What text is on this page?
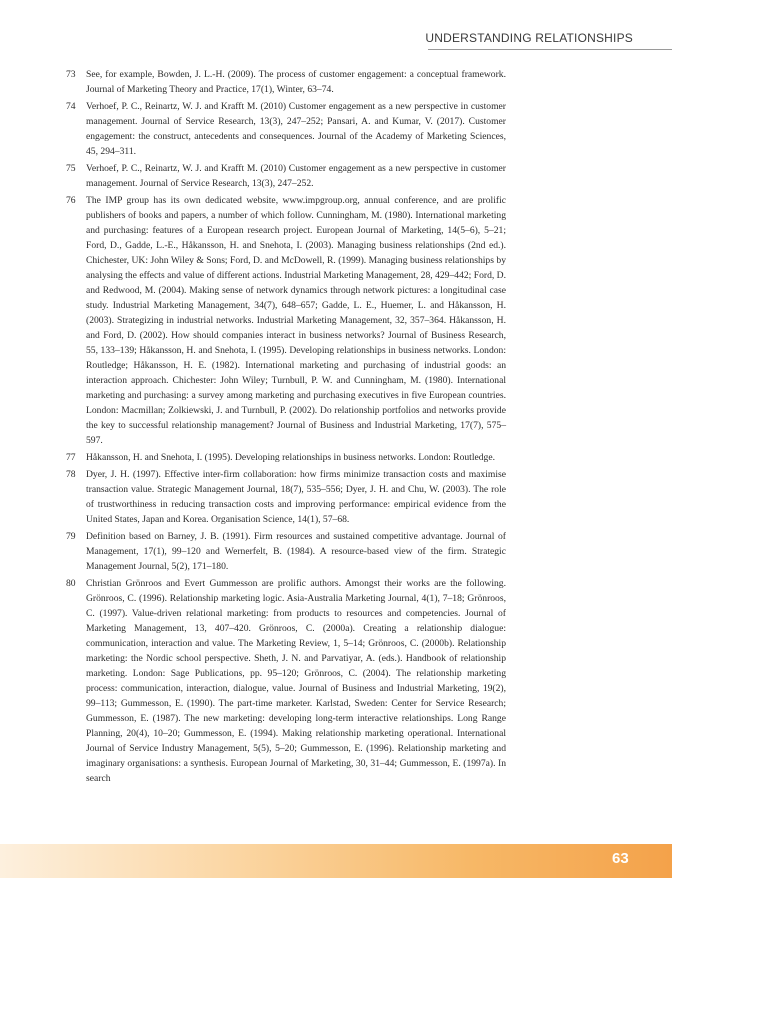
UNDERSTANDING RELATIONSHIPS
73	See, for example, Bowden, J. L.-H. (2009). The process of customer engagement: a conceptual framework. Journal of Marketing Theory and Practice, 17(1), Winter, 63–74.
74	Verhoef, P. C., Reinartz, W. J. and Krafft M. (2010) Customer engagement as a new perspective in customer management. Journal of Service Research, 13(3), 247–252; Pansari, A. and Kumar, V. (2017). Customer engagement: the construct, antecedents and consequences. Journal of the Academy of Marketing Sciences, 45, 294–311.
75	Verhoef, P. C., Reinartz, W. J. and Krafft M. (2010) Customer engagement as a new perspective in customer management. Journal of Service Research, 13(3), 247–252.
76	The IMP group has its own dedicated website, www.impgroup.org, annual conference, and are prolific publishers of books and papers, a number of which follow. Cunningham, M. (1980). International marketing and purchasing: features of a European research project. European Journal of Marketing, 14(5–6), 5–21; Ford, D., Gadde, L.-E., Håkansson, H. and Snehota, I. (2003). Managing business relationships (2nd ed.). Chichester, UK: John Wiley & Sons; Ford, D. and McDowell, R. (1999). Managing business relationships by analysing the effects and value of different actions. Industrial Marketing Management, 28, 429–442; Ford, D. and Redwood, M. (2004). Making sense of network dynamics through network pictures: a longitudinal case study. Industrial Marketing Management, 34(7), 648–657; Gadde, L. E., Huemer, L. and Håkansson, H. (2003). Strategizing in industrial networks. Industrial Marketing Management, 32, 357–364. Håkansson, H. and Ford, D. (2002). How should companies interact in business networks? Journal of Business Research, 55, 133–139; Håkansson, H. and Snehota, I. (1995). Developing relationships in business networks. London: Routledge; Håkansson, H. E. (1982). International marketing and purchasing of industrial goods: an interaction approach. Chichester: John Wiley; Turnbull, P. W. and Cunningham, M. (1980). International marketing and purchasing: a survey among marketing and purchasing executives in five European countries. London: Macmillan; Zolkiewski, J. and Turnbull, P. (2002). Do relationship portfolios and networks provide the key to successful relationship management? Journal of Business and Industrial Marketing, 17(7), 575–597.
77	Håkansson, H. and Snehota, I. (1995). Developing relationships in business networks. London: Routledge.
78	Dyer, J. H. (1997). Effective inter-firm collaboration: how firms minimize transaction costs and maximise transaction value. Strategic Management Journal, 18(7), 535–556; Dyer, J. H. and Chu, W. (2003). The role of trustworthiness in reducing transaction costs and improving performance: empirical evidence from the United States, Japan and Korea. Organisation Science, 14(1), 57–68.
79	Definition based on Barney, J. B. (1991). Firm resources and sustained competitive advantage. Journal of Management, 17(1), 99–120 and Wernerfelt, B. (1984). A resource-based view of the firm. Strategic Management Journal, 5(2), 171–180.
80	Christian Grönroos and Evert Gummesson are prolific authors. Amongst their works are the following. Grönroos, C. (1996). Relationship marketing logic. Asia-Australia Marketing Journal, 4(1), 7–18; Grönroos, C. (1997). Value-driven relational marketing: from products to resources and competencies. Journal of Marketing Management, 13, 407–420. Grönroos, C. (2000a). Creating a relationship dialogue: communication, interaction and value. The Marketing Review, 1, 5–14; Grönroos, C. (2000b). Relationship marketing: the Nordic school perspective. Sheth, J. N. and Parvatiyar, A. (eds.). Handbook of relationship marketing. London: Sage Publications, pp. 95–120; Grönroos, C. (2004). The relationship marketing process: communication, interaction, dialogue, value. Journal of Business and Industrial Marketing, 19(2), 99–113; Gummesson, E. (1990). The part-time marketer. Karlstad, Sweden: Center for Service Research; Gummesson, E. (1987). The new marketing: developing long-term interactive relationships. Long Range Planning, 20(4), 10–20; Gummesson, E. (1994). Making relationship marketing operational. International Journal of Service Industry Management, 5(5), 5–20; Gummesson, E. (1996). Relationship marketing and imaginary organisations: a synthesis. European Journal of Marketing, 30, 31–44; Gummesson, E. (1997a). In search
63
